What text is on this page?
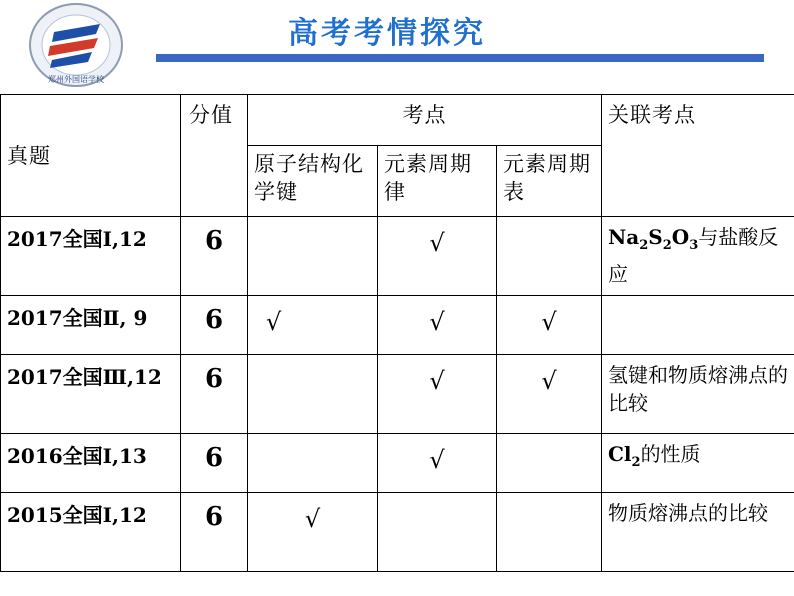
郑州外国语学校
高考考情探究
真题	分值	考点			关联考点
		原子结构化学键	元素周期律	元素周期表	
2017全国Ⅰ,12	6		√		$Na_2S_2O_3$与盐酸反应
2017全国Ⅱ, 9	6	√	√	√	
2017全国Ⅲ,12	6		√	√	氢键和物质熔沸点的比较
2016全国Ⅰ,13	6		√		$Cl_2$的性质
2015全国Ⅰ,12	6	√			物质熔沸点的比较
